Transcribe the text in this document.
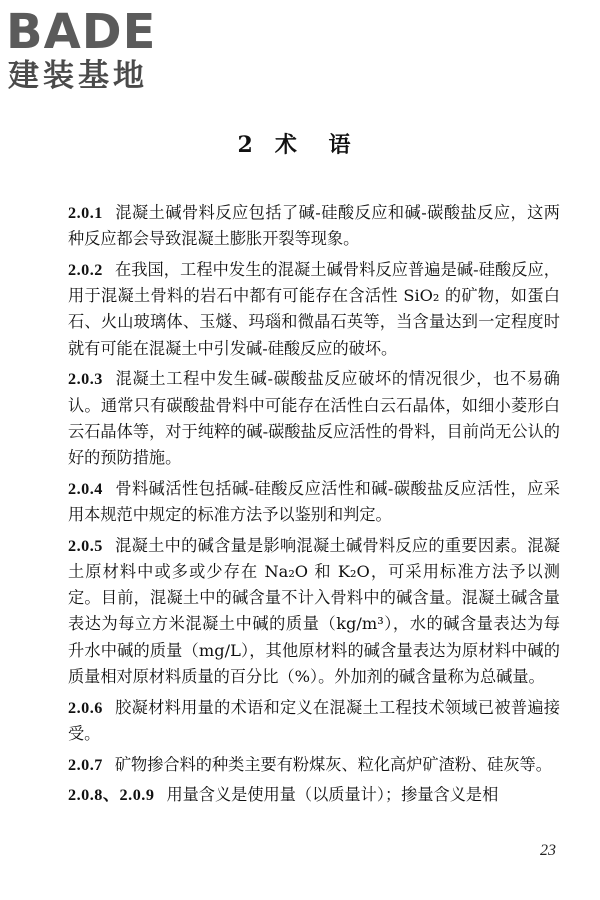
BADE
建装基地
2 术 语

2.0.1 混凝土碱骨料反应包括了碱-硅酸反应和碱-碳酸盐反应，这两种反应都会导致混凝土膨胀开裂等现象。

2.0.2 在我国，工程中发生的混凝土碱骨料反应普遍是碱-硅酸反应，用于混凝土骨料的岩石中都有可能存在含活性 SiO₂ 的矿物，如蛋白石、火山玻璃体、玉燧、玛瑙和微晶石英等，当含量达到一定程度时就有可能在混凝土中引发碱-硅酸反应的破坏。

2.0.3 混凝土工程中发生碱-碳酸盐反应破坏的情况很少，也不易确认。通常只有碳酸盐骨料中可能存在活性白云石晶体，如细小菱形白云石晶体等，对于纯粹的碱-碳酸盐反应活性的骨料，目前尚无公认的好的预防措施。

2.0.4 骨料碱活性包括碱-硅酸反应活性和碱-碳酸盐反应活性，应采用本规范中规定的标准方法予以鉴别和判定。

2.0.5 混凝土中的碱含量是影响混凝土碱骨料反应的重要因素。混凝土原材料中或多或少存在 Na₂O 和 K₂O，可采用标准方法予以测定。目前，混凝土中的碱含量不计入骨料中的碱含量。混凝土碱含量表达为每立方米混凝土中碱的质量（kg/m³），水的碱含量表达为每升水中碱的质量（mg/L），其他原材料的碱含量表达为原材料中碱的质量相对原材料质量的百分比（%）。外加剂的碱含量称为总碱量。

2.0.6 胶凝材料用量的术语和定义在混凝土工程技术领域已被普遍接受。

2.0.7 矿物掺合料的种类主要有粉煤灰、粒化高炉矿渣粉、硅灰等。

2.0.8、2.0.9 用量含义是使用量（以质量计）；掺量含义是相

23
